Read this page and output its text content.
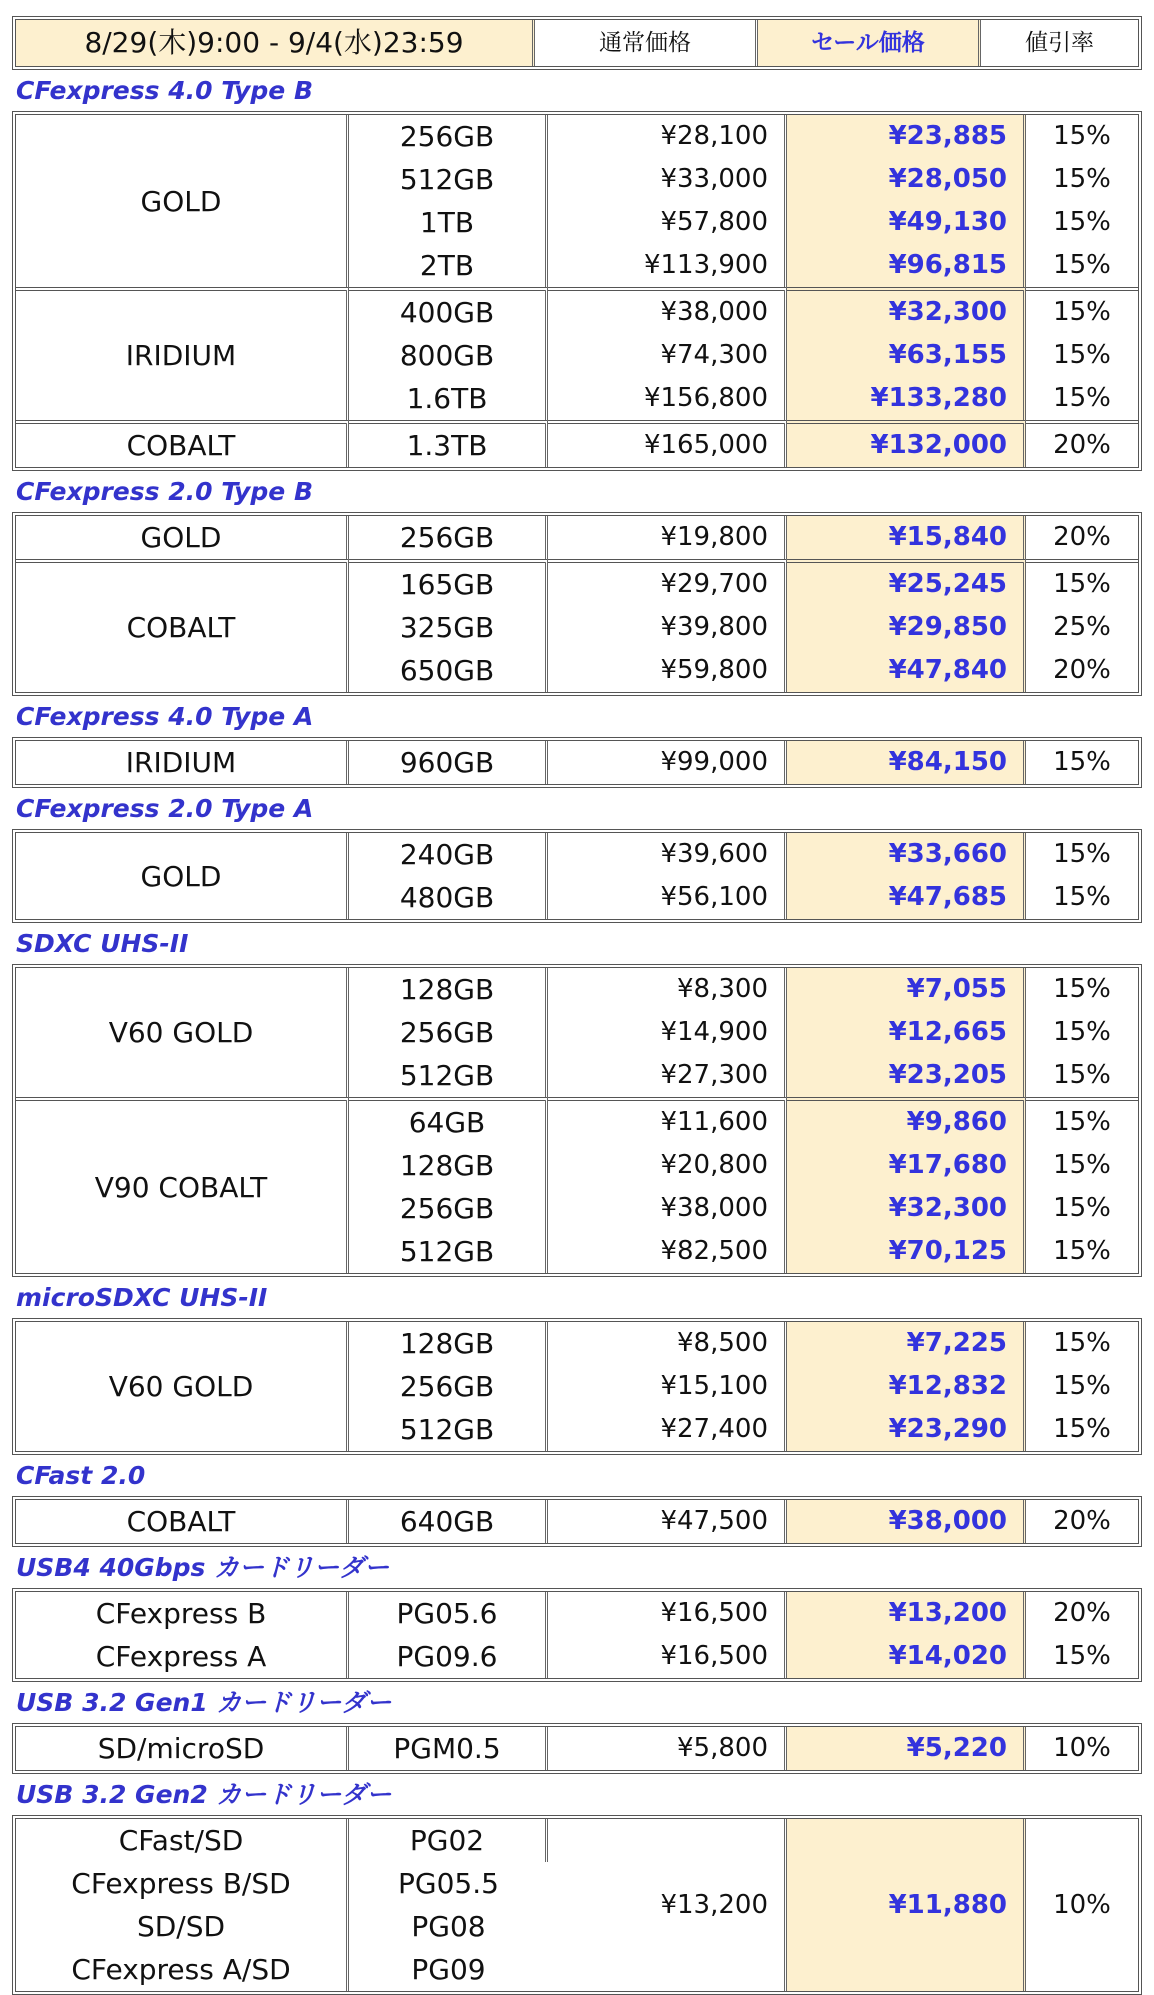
8/29(木)9:00 - 9/4(水)23:59	通常価格	セール価格	値引率
CFexpress 4.0 Type B
GOLD	256GB	¥28,100	¥23,885	15%
	512GB	¥33,000	¥28,050	15%
	1TB	¥57,800	¥49,130	15%
	2TB	¥113,900	¥96,815	15%
IRIDIUM	400GB	¥38,000	¥32,300	15%
	800GB	¥74,300	¥63,155	15%
	1.6TB	¥156,800	¥133,280	15%
COBALT	1.3TB	¥165,000	¥132,000	20%
CFexpress 2.0 Type B
GOLD	256GB	¥19,800	¥15,840	20%
COBALT	165GB	¥29,700	¥25,245	15%
	325GB	¥39,800	¥29,850	25%
	650GB	¥59,800	¥47,840	20%
CFexpress 4.0 Type A
IRIDIUM	960GB	¥99,000	¥84,150	15%
CFexpress 2.0 Type A
GOLD	240GB	¥39,600	¥33,660	15%
	480GB	¥56,100	¥47,685	15%
SDXC UHS-II
V60 GOLD	128GB	¥8,300	¥7,055	15%
	256GB	¥14,900	¥12,665	15%
	512GB	¥27,300	¥23,205	15%
V90 COBALT	64GB	¥11,600	¥9,860	15%
	128GB	¥20,800	¥17,680	15%
	256GB	¥38,000	¥32,300	15%
	512GB	¥82,500	¥70,125	15%
microSDXC UHS-II
V60 GOLD	128GB	¥8,500	¥7,225	15%
	256GB	¥15,100	¥12,832	15%
	512GB	¥27,400	¥23,290	15%
CFast 2.0
COBALT	640GB	¥47,500	¥38,000	20%
USB4 40Gbps カードリーダー
CFexpress B	PG05.6	¥16,500	¥13,200	20%
CFexpress A	PG09.6	¥16,500	¥14,020	15%
USB 3.2 Gen1 カードリーダー
SD/microSD	PGM0.5	¥5,800	¥5,220	10%
USB 3.2 Gen2 カードリーダー
CFast/SD	PG02	¥13,200	¥11,880	10%
CFexpress B/SD	PG05.5			
SD/SD	PG08			
CFexpress A/SD	PG09			
